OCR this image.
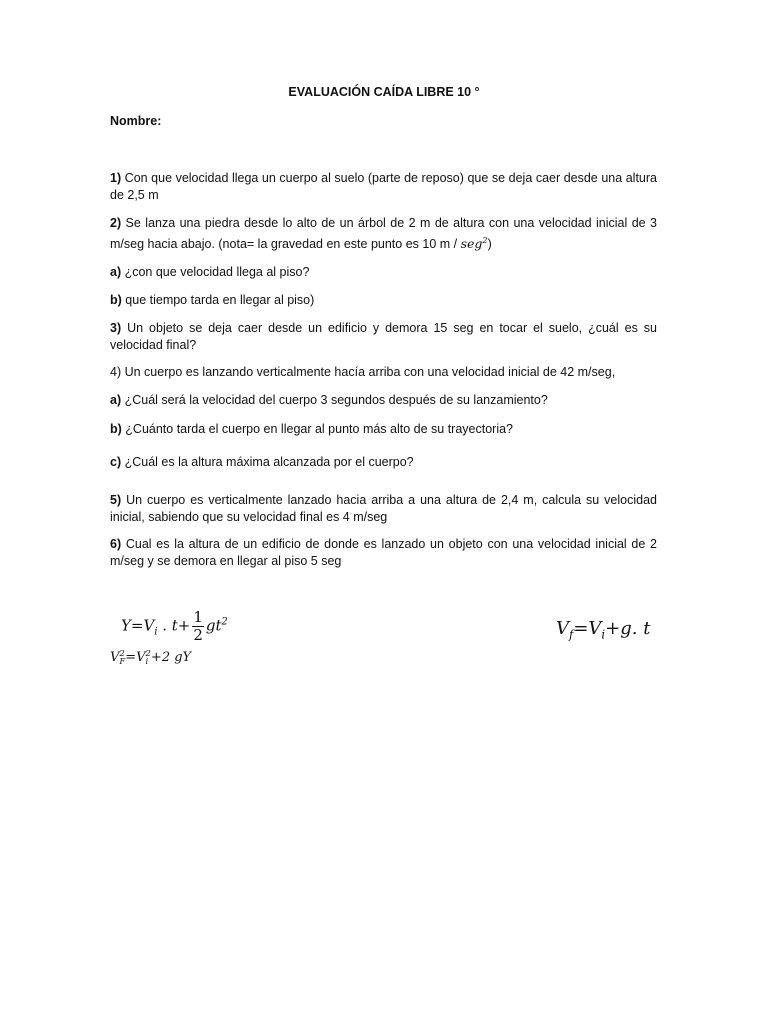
EVALUACIÓN CAÍDA LIBRE 10 °
Nombre:
1) Con que velocidad llega un cuerpo al suelo (parte de reposo) que se deja caer desde una altura de 2,5 m
2) Se lanza una piedra desde lo alto de un árbol de 2 m de altura con una velocidad inicial de 3 m/seg hacia abajo. (nota= la gravedad en este punto es 10 m / seg$^2$)
a) ¿con que velocidad llega al piso?
b) que tiempo tarda en llegar al piso)
3) Un objeto se deja caer desde un edificio y demora 15 seg en tocar el suelo, ¿cuál es su velocidad final?
4) Un cuerpo es lanzando verticalmente hacía arriba con una velocidad inicial de 42 m/seg,
a) ¿Cuál será la velocidad del cuerpo 3 segundos después de su lanzamiento?
b) ¿Cuánto tarda el cuerpo en llegar al punto más alto de su trayectoria?
c) ¿Cuál es la altura máxima alcanzada por el cuerpo?
5) Un cuerpo es verticalmente lanzado hacia arriba a una altura de 2,4 m, calcula su velocidad inicial, sabiendo que su velocidad final es 4 m/seg
6) Cual es la altura de un edificio de donde es lanzado un objeto con una velocidad inicial de 2 m/seg y se demora en llegar al piso 5 seg
$Y=V_i$ . $t+ \frac{1}{2} gt^2$
V 2
F =V 2
i +2 gY
$V_f=V_i+g$. t
